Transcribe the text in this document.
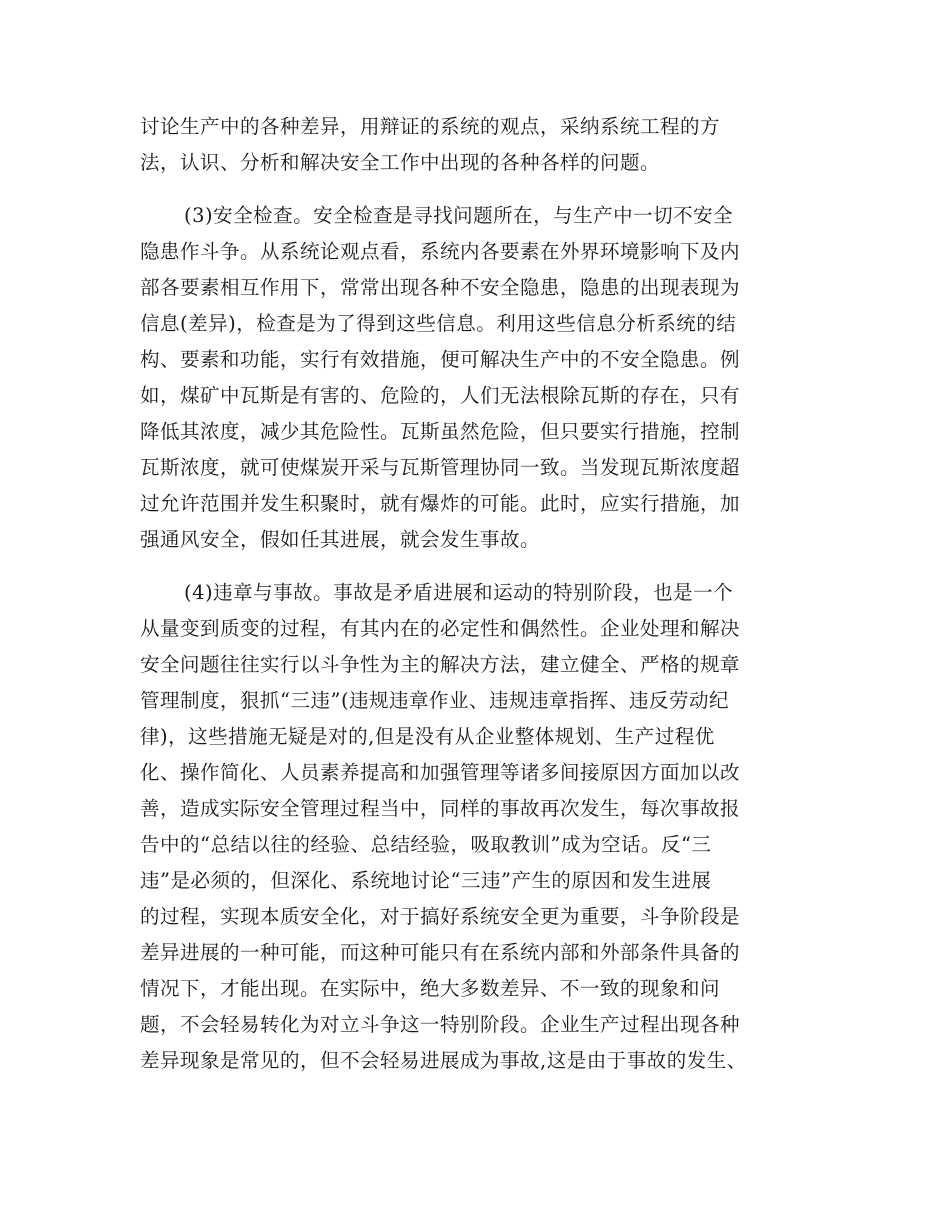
讨论生产中的各种差异，用辩证的系统的观点，采纳系统工程的方
法，认识、分析和解决安全工作中出现的各种各样的问题。
(3)安全检查。安全检查是寻找问题所在，与生产中一切不安全
隐患作斗争。从系统论观点看，系统内各要素在外界环境影响下及内
部各要素相互作用下，常常出现各种不安全隐患，隐患的出现表现为
信息(差异)，检查是为了得到这些信息。利用这些信息分析系统的结
构、要素和功能，实行有效措施，便可解决生产中的不安全隐患。例
如，煤矿中瓦斯是有害的、危险的，人们无法根除瓦斯的存在，只有
降低其浓度，减少其危险性。瓦斯虽然危险，但只要实行措施，控制
瓦斯浓度，就可使煤炭开采与瓦斯管理协同一致。当发现瓦斯浓度超
过允许范围并发生积聚时，就有爆炸的可能。此时，应实行措施，加
强通风安全，假如任其进展，就会发生事故。
(4)违章与事故。事故是矛盾进展和运动的特别阶段，也是一个
从量变到质变的过程，有其内在的必定性和偶然性。企业处理和解决
安全问题往往实行以斗争性为主的解决方法，建立健全、严格的规章
管理制度，狠抓“三违”(违规违章作业、违规违章指挥、违反劳动纪
律)，这些措施无疑是对的,但是没有从企业整体规划、生产过程优
化、操作简化、人员素养提高和加强管理等诸多间接原因方面加以改
善，造成实际安全管理过程当中，同样的事故再次发生，每次事故报
告中的“总结以往的经验、总结经验，吸取教训”成为空话。反“三
违”是必须的，但深化、系统地讨论“三违”产生的原因和发生进展
的过程，实现本质安全化，对于搞好系统安全更为重要，斗争阶段是
差异进展的一种可能，而这种可能只有在系统内部和外部条件具备的
情况下，才能出现。在实际中，绝大多数差异、不一致的现象和问
题，不会轻易转化为对立斗争这一特别阶段。企业生产过程出现各种
差异现象是常见的，但不会轻易进展成为事故,这是由于事故的发生、
